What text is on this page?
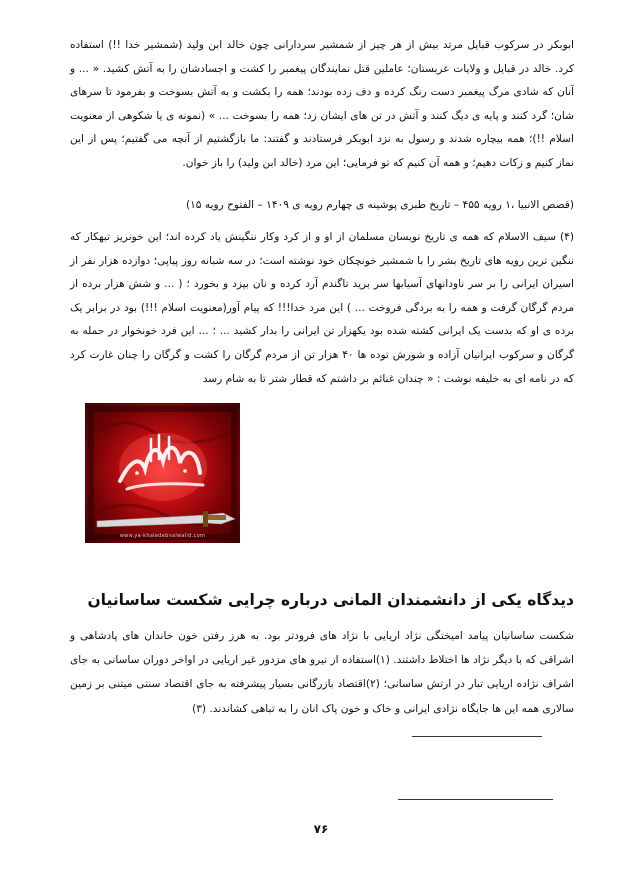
ابوبکر در سرکوب قبایل مرتد بیش از هر چیز از شمشیر سردارانی چون خالد ابن ولید (شمشیر خدا !!) استفاده کرد. خالد در قبایل و ولایات عربستان؛ عاملین قتل نمایندگان پیغمبر را کشت و اجسادشان را به آتش کشید. « ... و آنان که شادی مرگ پیغمبر دست رنگ کرده و دف زده بودند؛ همه را بکشت و به آتش بسوخت و بفرمود تا سرهای شان؛ گرد کنند و پایه ی دیگ کنند و آتش در تن های ایشان زد؛ همه را بسوخت ... » (نمونه ی یا شکوهی از معنویت اسلام !!)؛ همه بیچاره شدند و رسول به نزد ابوبکر فرستادند و گفتند: ما بازگشتیم از آنچه می گفتیم؛ پس از این نماز کنیم و زکات دهیم؛ و همه آن کنیم که تو فرمایی؛ این مرد (خالد ابن ولید) را باز خوان.

(قصص الانبیا ،۱ رویه ۴۵۵ – تاریخ طبری پوشینه ی چهارم رویه ی ۱۴۰۹ – الفتوح رویه ۱۵)

(۴) سیف الاسلام که همه ی تاریخ نویسان مسلمان از او و از کرد وکار ننگینش یاد کرده اند؛ این خونریز تبهکار که ننگین ترین رویه های تاریخ بشر را با شمشیر خونچکان خود نوشته است؛ در سه شبانه روز پیاپی؛ دوازده هزار نفر از اسیران ایرانی را بر سر ناودانهای آسیابها سر برید تاگندم آرد کرده و نان بپزد و بخورد ؛ ( ... و شش هزار برده از مردم گرگان گرفت و همه را به بردگی فروخت ... ) این مرد خدا!!! که پیام آور(معنویت اسلام !!!) بود در برابر یک برده ی او که بدست یک ایرانی کشته شده بود یکهزار تن ایرانی را بدار کشید ... ؛ ... این فرد خونخوار در حمله به گرگان و سرکوب ایرانیان آزاده و شورش توده ها ۴۰ هزار تن از مردم گرگان را کشت و گرگان را چنان غارت کرد که در نامه ای به خلیفه نوشت : « چندان غنائم بر داشتم که قطار شتر تا به شام رسد

www.ya-khaledebnalwalid.com
دیدگاه یکی از دانشمندان المانی درباره چرایی شکست ساسانیان

شکست ساسانیان پیامد امیختگی نژاد اریایی با نژاد های فرودتر بود. به هرز رفتن خون خاندان های پادشاهی و اشراقی که با دیگر نژاد ها اختلاط داشتند. (۱)استفاده از نیرو های مزدور غیر اریایی در اواخر دوران ساسانی به جای اشراف نژاده اریایی تبار در ارتش ساسانی؛ (۲)اقتصاد بازرگانی بسیار پیشرفته به جای اقتصاد سنتی میتنی بر زمین سالاری همه این ها جایگاه نژادی ایرانی و خاک و خون پاک انان را به تباهی کشاندند. (۳)

۷۶
